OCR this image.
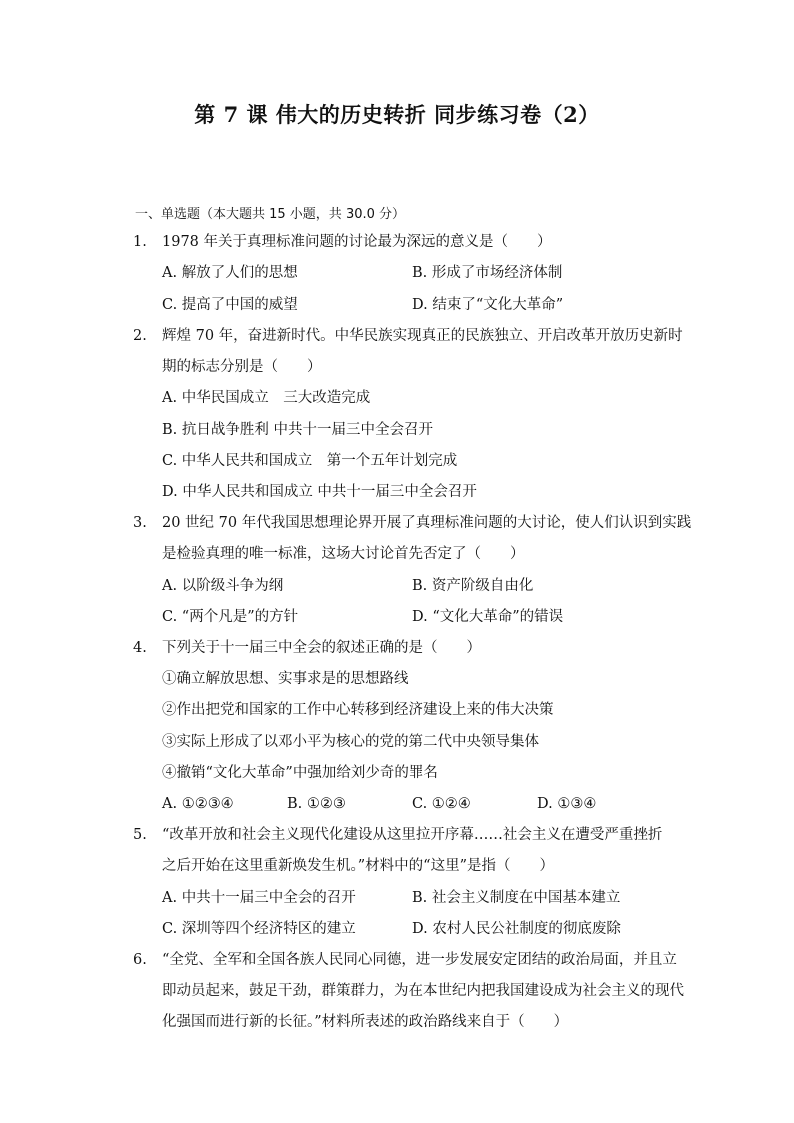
第 7 课 伟大的历史转折 同步练习卷（2）
一、单选题（本大题共 15 小题，共 30.0 分）
1. 1978 年关于真理标准问题的讨论最为深远的意义是（　　）
A. 解放了人们的思想	B. 形成了市场经济体制
C. 提高了中国的威望	D. 结束了“文化大革命”
2. 辉煌 70 年，奋进新时代。中华民族实现真正的民族独立、开启改革开放历史新时
期的标志分别是（　　）
A. 中华民国成立　三大改造完成
B. 抗日战争胜利 中共十一届三中全会召开
C. 中华人民共和国成立　第一个五年计划完成
D. 中华人民共和国成立 中共十一届三中全会召开
3. 20 世纪 70 年代我国思想理论界开展了真理标准问题的大讨论，使人们认识到实践
是检验真理的唯一标准，这场大讨论首先否定了（　　）
A. 以阶级斗争为纲	B. 资产阶级自由化
C. “两个凡是”的方针	D. “文化大革命”的错误
4. 下列关于十一届三中全会的叙述正确的是（　　）
①确立解放思想、实事求是的思想路线
②作出把党和国家的工作中心转移到经济建设上来的伟大决策
③实际上形成了以邓小平为核心的党的第二代中央领导集体
④撤销“文化大革命”中强加给刘少奇的罪名
A. ①②③④	B. ①②③	C. ①②④	D. ①③④
5. “改革开放和社会主义现代化建设从这里拉开序幕……社会主义在遭受严重挫折
之后开始在这里重新焕发生机。”材料中的“这里”是指（　　）
A. 中共十一届三中全会的召开	B. 社会主义制度在中国基本建立
C. 深圳等四个经济特区的建立	D. 农村人民公社制度的彻底废除
6. “全党、全军和全国各族人民同心同德，进一步发展安定团结的政治局面，并且立
即动员起来，鼓足干劲，群策群力，为在本世纪内把我国建设成为社会主义的现代
化强国而进行新的长征。”材料所表述的政治路线来自于（　　）
